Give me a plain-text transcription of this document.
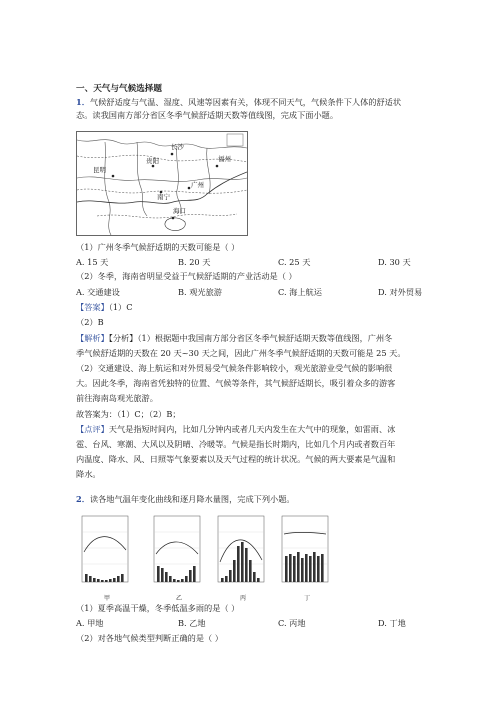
一、天气与气候选择题
1．气候舒适度与气温、湿度、风速等因素有关，体现不同天气，气候条件下人体的舒适状
态。读我国南方部分省区冬季气候舒适期天数等值线图，完成下面小题。
长沙
贵阳	福州
昆明
南宁
广州
海口
（1）广州冬季气候舒适期的天数可能是（ ）
A. 15 天	B. 20 天	C. 25 天	D. 30 天
（2）冬季，海南省明显受益于气候舒适期的产业活动是（ ）
A. 交通建设	B. 观光旅游	C. 海上航运	D. 对外贸易
【答案】（1）C
（2）B
【解析】【分析】（1）根据题中我国南方部分省区冬季气候舒适期天数等值线图，广州冬
季气候舒适期的天数在 20 天~30 天之间，因此广州冬季气候舒适期的天数可能是 25 天。
（2）交通建设、海上航运和对外贸易受气候条件影响较小，观光旅游业受气候的影响很
大。因此冬季，海南省凭独特的位置、气候等条件，其气候舒适期长，吸引着众多的游客
前往海南岛观光旅游。
故答案为：（1）C；（2）B；
【点评】天气是指短时间内，比如几分钟内或者几天内发生在大气中的现象，如雷雨、冰
雹、台风、寒潮、大风以及阴晴、冷暖等。气候是指长时期内，比如几个月内或者数百年
内温度、降水、风、日照等气象要素以及天气过程的统计状况。气候的两大要素是气温和
降水。
2．读各地气温年变化曲线和逐月降水量图，完成下列小题。
甲	乙	丙	丁
（1）夏季高温干燥，冬季低温多雨的是（ ）
A. 甲地	B. 乙地	C. 丙地	D. 丁地
（2）对各地气候类型判断正确的是（ ）
